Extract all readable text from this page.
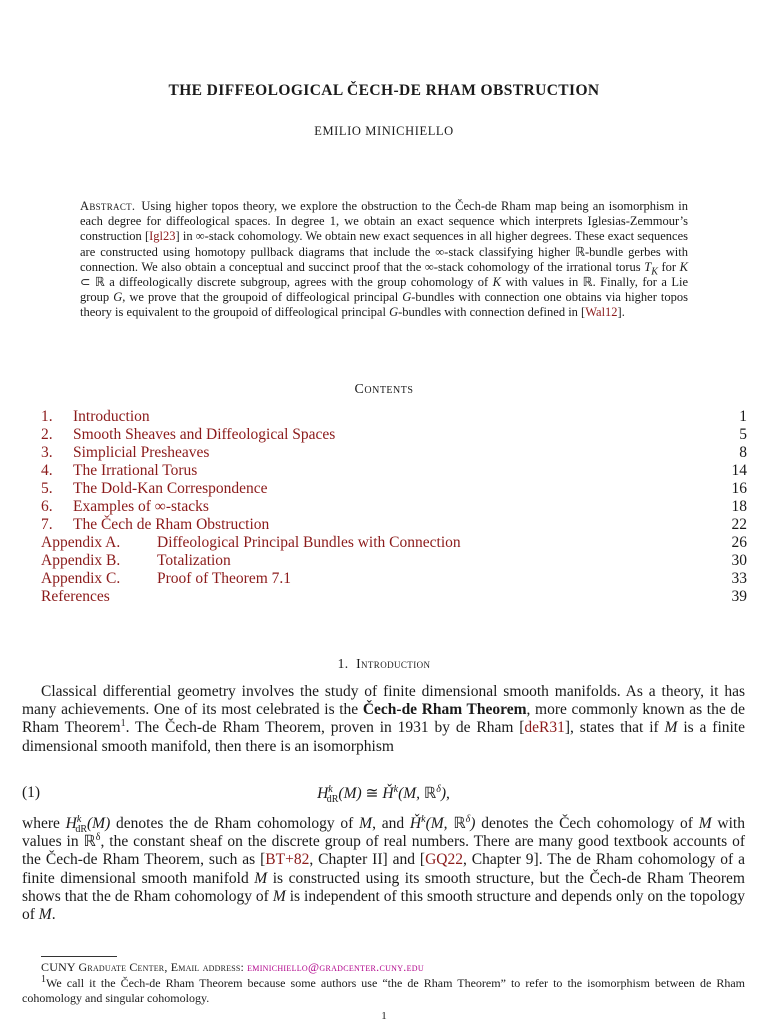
THE DIFFEOLOGICAL ČECH-DE RHAM OBSTRUCTION
EMILIO MINICHIELLO
Abstract. Using higher topos theory, we explore the obstruction to the Čech-de Rham map being an isomorphism in each degree for diffeological spaces. In degree 1, we obtain an exact sequence which interprets Iglesias-Zemmour’s construction [Igl23] in ∞-stack cohomology. We obtain new exact sequences in all higher degrees. These exact sequences are constructed using homotopy pullback diagrams that include the ∞-stack classifying higher ℝ-bundle gerbes with connection. We also obtain a conceptual and succinct proof that the ∞-stack cohomology of the irrational torus $T_K$ for K ⊂ ℝ a diffeologically discrete subgroup, agrees with the group cohomology of K with values in ℝ. Finally, for a Lie group G, we prove that the groupoid of diffeological principal G-bundles with connection one obtains via higher topos theory is equivalent to the groupoid of diffeological principal G-bundles with connection defined in [Wal12].
Contents
1.	Introduction	1
2.	Smooth Sheaves and Diffeological Spaces	5
3.	Simplicial Presheaves	8
4.	The Irrational Torus	14
5.	The Dold-Kan Correspondence	16
6.	Examples of ∞-stacks	18
7.	The Čech de Rham Obstruction	22
Appendix A.	Diffeological Principal Bundles with Connection	26
Appendix B.	Totalization	30
Appendix C.	Proof of Theorem 7.1	33
References	39
1. Introduction
Classical differential geometry involves the study of finite dimensional smooth manifolds. As a theory, it has many achievements. One of its most celebrated is the Čech-de Rham Theorem, more commonly known as the de Rham Theorem$^1$. The Čech-de Rham Theorem, proven in 1931 by de Rham [deR31], states that if M is a finite dimensional smooth manifold, then there is an isomorphism
(1)	$H^k_{dR}(M)$ ≅ $Ȟ^k(M$, ℝ$^\delta$),
where $H^k_{dR}(M)$ denotes the de Rham cohomology of M, and $Ȟ^k(M$, ℝ$^\delta$) denotes the Čech cohomology of M with values in ℝ$^\delta$, the constant sheaf on the discrete group of real numbers. There are many good textbook accounts of the Čech-de Rham Theorem, such as [BT+82, Chapter II] and [GQ22, Chapter 9]. The de Rham cohomology of a finite dimensional smooth manifold M is constructed using its smooth structure, but the Čech-de Rham Theorem shows that the de Rham cohomology of M is independent of this smooth structure and depends only on the topology of M.
CUNY Graduate Center, Email address: eminichiello@gradcenter.cuny.edu
$^1$We call it the Čech-de Rham Theorem because some authors use “the de Rham Theorem” to refer to the isomorphism between de Rham cohomology and singular cohomology.
1
